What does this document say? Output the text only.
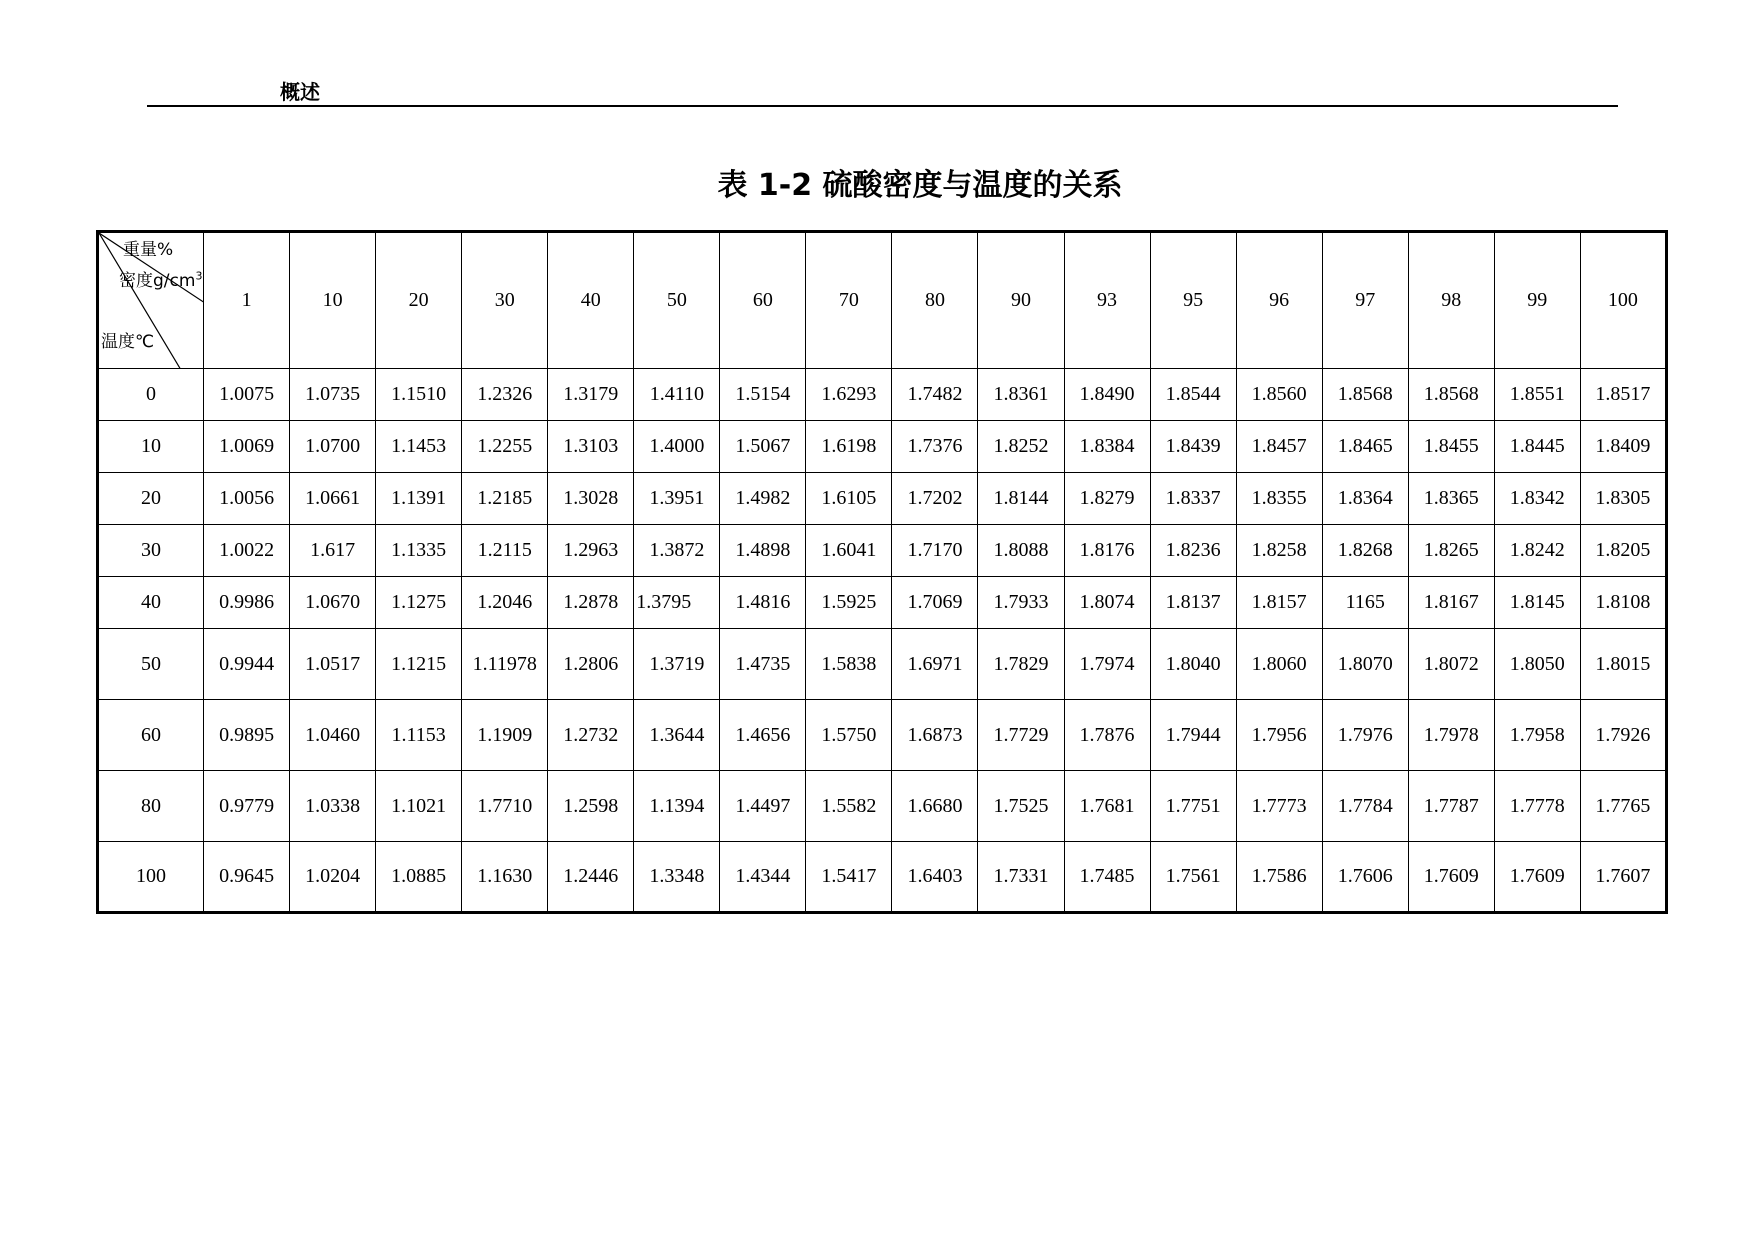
概述
表 1-2 硫酸密度与温度的关系
重量%
密度$g/cm^3$
温度℃	1	10	20	30	40	50	60	70	80	90	93	95	96	97	98	99	100
0	1.0075	1.0735	1.1510	1.2326	1.3179	1.4110	1.5154	1.6293	1.7482	1.8361	1.8490	1.8544	1.8560	1.8568	1.8568	1.8551	1.8517
10	1.0069	1.0700	1.1453	1.2255	1.3103	1.4000	1.5067	1.6198	1.7376	1.8252	1.8384	1.8439	1.8457	1.8465	1.8455	1.8445	1.8409
20	1.0056	1.0661	1.1391	1.2185	1.3028	1.3951	1.4982	1.6105	1.7202	1.8144	1.8279	1.8337	1.8355	1.8364	1.8365	1.8342	1.8305
30	1.0022	1.617	1.1335	1.2115	1.2963	1.3872	1.4898	1.6041	1.7170	1.8088	1.8176	1.8236	1.8258	1.8268	1.8265	1.8242	1.8205
40	0.9986	1.0670	1.1275	1.2046	1.2878	1.3795	1.4816	1.5925	1.7069	1.7933	1.8074	1.8137	1.8157	1165	1.8167	1.8145	1.8108
50	0.9944	1.0517	1.1215	1.11978	1.2806	1.3719	1.4735	1.5838	1.6971	1.7829	1.7974	1.8040	1.8060	1.8070	1.8072	1.8050	1.8015
60	0.9895	1.0460	1.1153	1.1909	1.2732	1.3644	1.4656	1.5750	1.6873	1.7729	1.7876	1.7944	1.7956	1.7976	1.7978	1.7958	1.7926
80	0.9779	1.0338	1.1021	1.7710	1.2598	1.1394	1.4497	1.5582	1.6680	1.7525	1.7681	1.7751	1.7773	1.7784	1.7787	1.7778	1.7765
100	0.9645	1.0204	1.0885	1.1630	1.2446	1.3348	1.4344	1.5417	1.6403	1.7331	1.7485	1.7561	1.7586	1.7606	1.7609	1.7609	1.7607
